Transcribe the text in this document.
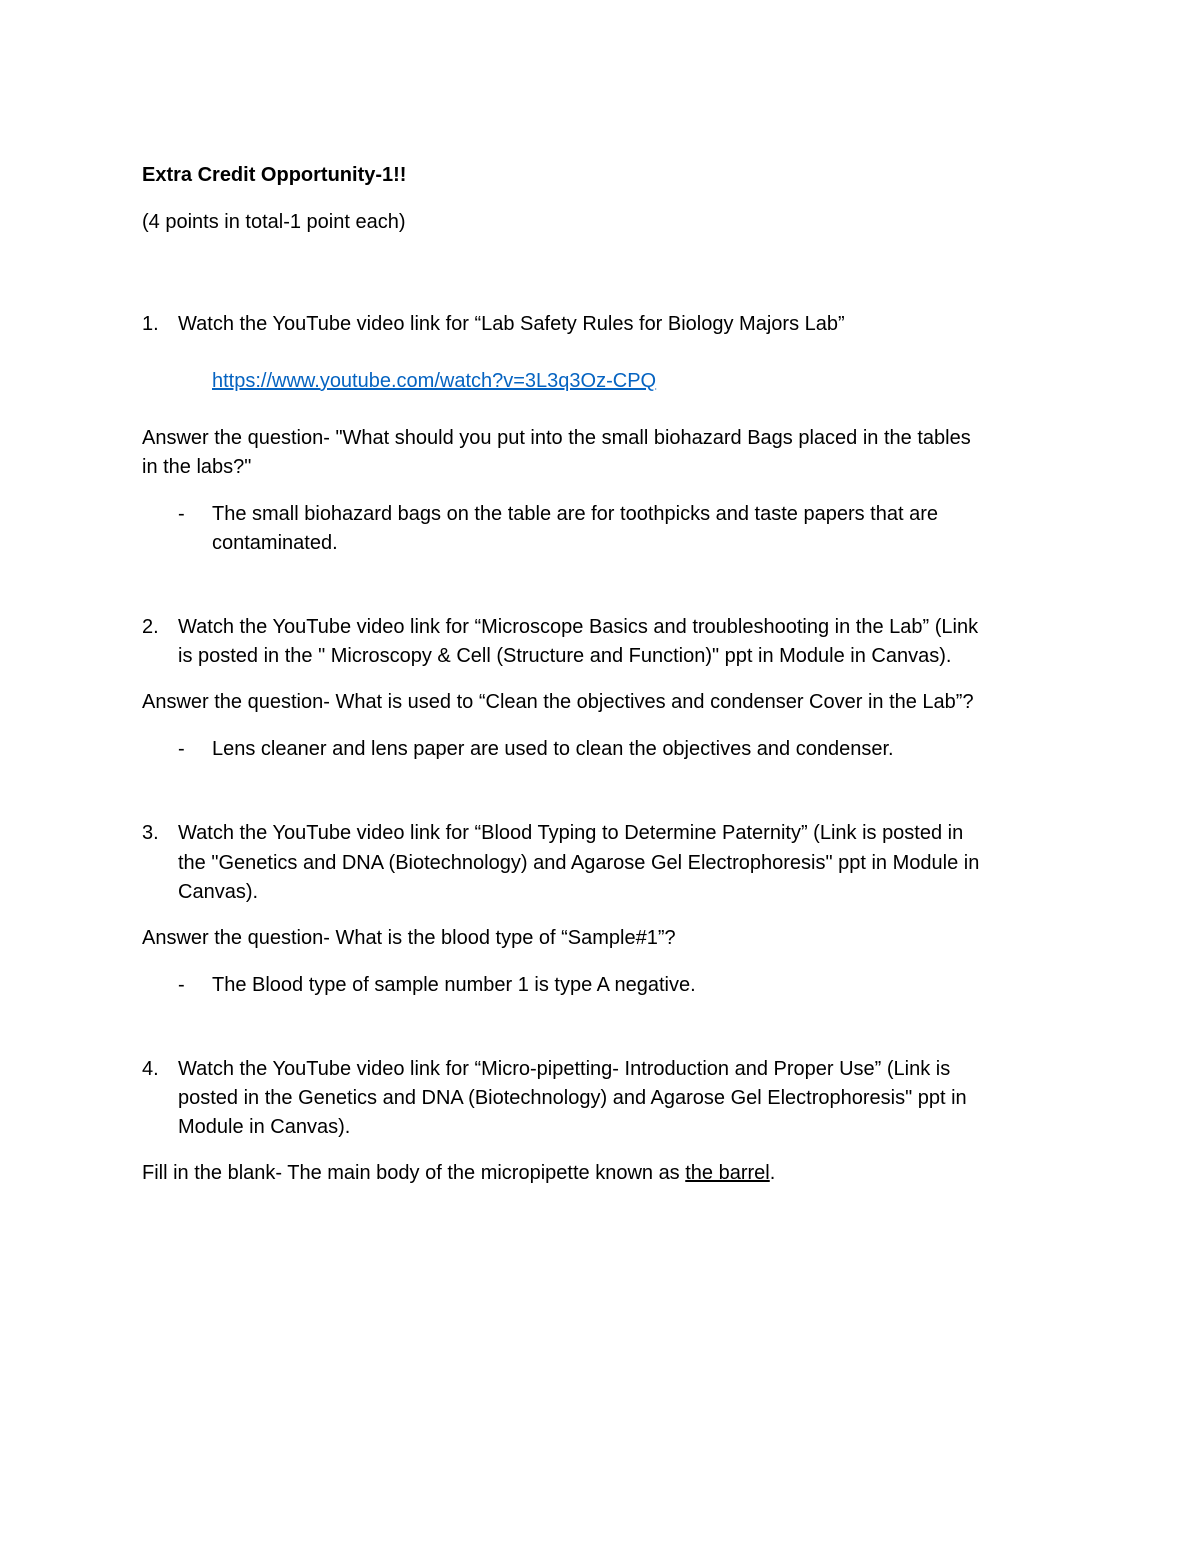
Extra Credit Opportunity-1!!
(4 points in total-1 point each)
1. Watch the YouTube video link for “Lab Safety Rules for Biology Majors Lab”
https://www.youtube.com/watch?v=3L3q3Oz-CPQ
Answer the question- "What should you put into the small biohazard Bags placed in the tables
in the labs?"
- The small biohazard bags on the table are for toothpicks and taste papers that are
contaminated.
2. Watch the YouTube video link for “Microscope Basics and troubleshooting in the Lab” (Link
is posted in the " Microscopy & Cell (Structure and Function)" ppt in Module in Canvas).
Answer the question- What is used to “Clean the objectives and condenser Cover in the Lab”?
- Lens cleaner and lens paper are used to clean the objectives and condenser.
3. Watch the YouTube video link for “Blood Typing to Determine Paternity” (Link is posted in
the "Genetics and DNA (Biotechnology) and Agarose Gel Electrophoresis" ppt in Module in
Canvas).
Answer the question- What is the blood type of “Sample#1”?
- The Blood type of sample number 1 is type A negative.
4. Watch the YouTube video link for “Micro-pipetting- Introduction and Proper Use” (Link is
posted in the Genetics and DNA (Biotechnology) and Agarose Gel Electrophoresis" ppt in
Module in Canvas).
Fill in the blank- The main body of the micropipette known as the barrel.
